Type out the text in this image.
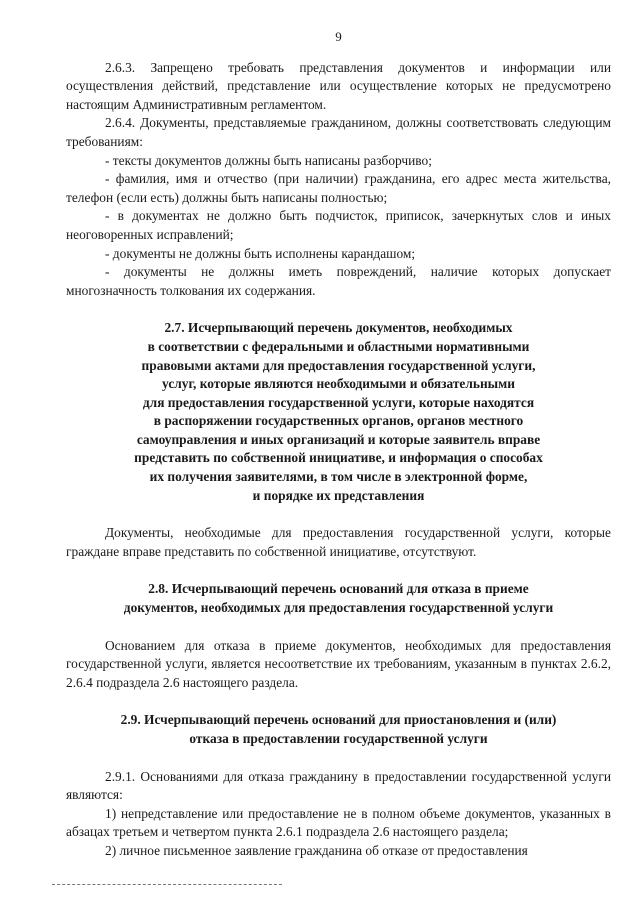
9

2.6.3. Запрещено требовать представления документов и информации или осуществления действий, представление или осуществление которых не предусмотрено настоящим Административным регламентом.

2.6.4. Документы, представляемые гражданином, должны соответствовать следующим требованиям:

- тексты документов должны быть написаны разборчиво;

- фамилия, имя и отчество (при наличии) гражданина, его адрес места жительства, телефон (если есть) должны быть написаны полностью;

- в документах не должно быть подчисток, приписок, зачеркнутых слов и иных неоговоренных исправлений;

- документы не должны быть исполнены карандашом;

- документы не должны иметь повреждений, наличие которых допускает многозначность толкования их содержания.

2.7. Исчерпывающий перечень документов, необходимых

в соответствии с федеральными и областными нормативными

правовыми актами для предоставления государственной услуги,

услуг, которые являются необходимыми и обязательными

для предоставления государственной услуги, которые находятся

в распоряжении государственных органов, органов местного

самоуправления и иных организаций и которые заявитель вправе

представить по собственной инициативе, и информация о способах

их получения заявителями, в том числе в электронной форме,

и порядке их представления

Документы, необходимые для предоставления государственной услуги, которые граждане вправе представить по собственной инициативе, отсутствуют.

2.8. Исчерпывающий перечень оснований для отказа в приеме

документов, необходимых для предоставления государственной услуги

Основанием для отказа в приеме документов, необходимых для предоставления государственной услуги, является несоответствие их требованиям, указанным в пунктах 2.6.2, 2.6.4 подраздела 2.6 настоящего раздела.

2.9. Исчерпывающий перечень оснований для приостановления и (или)

отказа в предоставлении государственной услуги

2.9.1. Основаниями для отказа гражданину в предоставлении государственной услуги являются:

1) непредставление или предоставление не в полном объеме документов, указанных в абзацах третьем и четвертом пункта 2.6.1 подраздела 2.6 настоящего раздела;

2) личное письменное заявление гражданина об отказе от предоставления
